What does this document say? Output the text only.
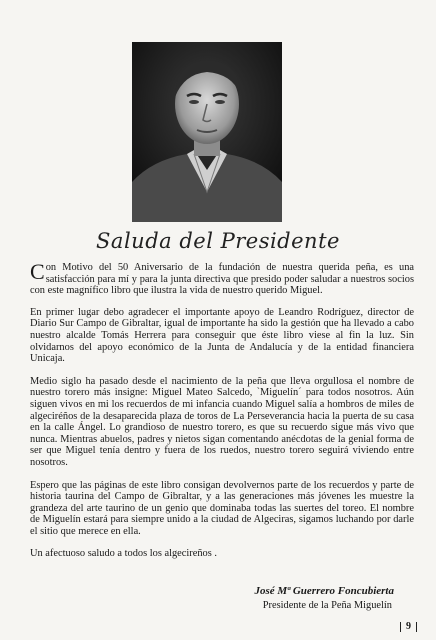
Saluda del Presidente

Con Motivo del 50 Aniversario de la fundación de nuestra querida peña, es una satisfacción para mí y para la junta directiva que presido poder saludar a nuestros socios con este magnífico libro que ilustra la vida de nuestro querido Miguel.

En primer lugar debo agradecer el importante apoyo de Leandro Rodríguez, director de Diario Sur Campo de Gibraltar, igual de importante ha sido la gestión que ha llevado a cabo nuestro alcalde Tomás Herrera para conseguir que éste libro viese al fin la luz. Sin olvidarnos del apoyo económico de la Junta de Andalucía y de la entidad financiera Unicaja.

Medio siglo ha pasado desde el nacimiento de la peña que lleva orgullosa el nombre de nuestro torero más insigne: Miguel Mateo Salcedo, `Miguelín´ para todos nosotros. Aún siguen vivos en mi los recuerdos de mi infancia cuando Miguel salía a hombros de miles de algeciréños de la desaparecida plaza de toros de La Perseverancia hacia la puerta de su casa en la calle Ángel. Lo grandioso de nuestro torero, es que su recuerdo sigue más vivo que nunca. Mientras abuelos, padres y nietos sigan comentando anécdotas de la genial forma de ser que Miguel tenía dentro y fuera de los ruedos, nuestro torero seguirá viviendo entre nosotros.

Espero que las páginas de este libro consigan devolvernos parte de los recuerdos y parte de historia taurina del Campo de Gibraltar, y a las generaciones más jóvenes les muestre la grandeza del arte taurino de un genio que dominaba todas las suertes del toreo. El nombre de Miguelín estará para siempre unido a la ciudad de Algeciras, sigamos luchando por darle el sitio que merece en ella.

Un afectuoso saludo a todos los algecireños .

José Mª Guerrero Foncubierta
Presidente de la Peña Miguelín
9
